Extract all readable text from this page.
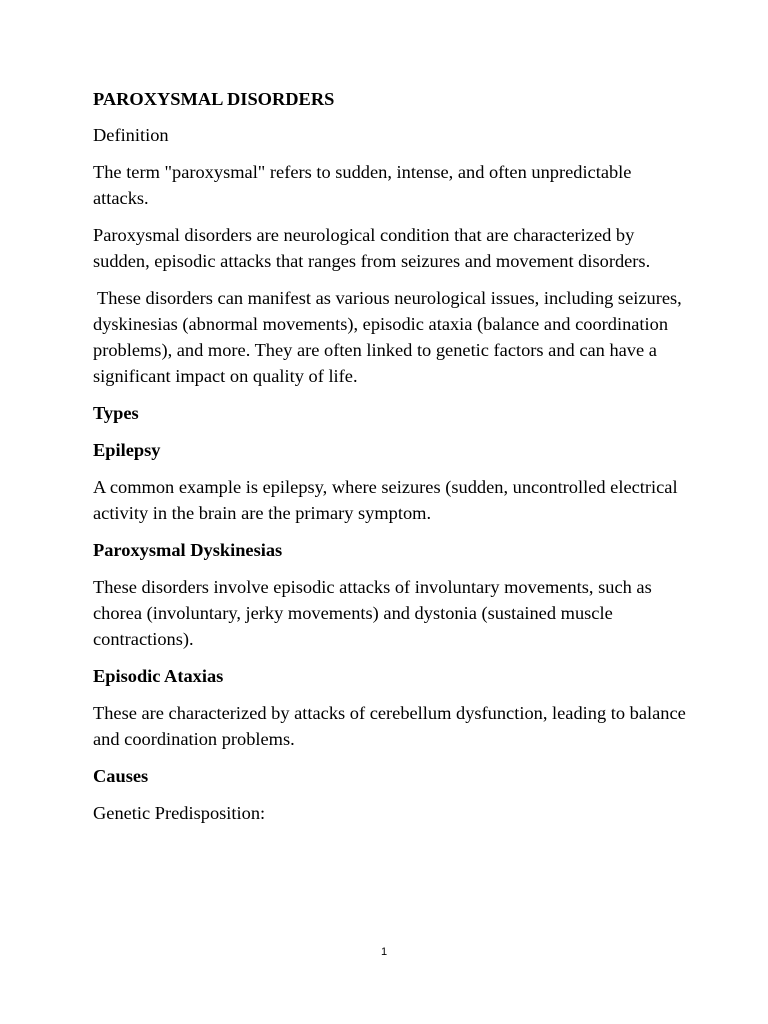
PAROXYSMAL DISORDERS

Definition

The term "paroxysmal" refers to sudden, intense, and often unpredictable attacks.

Paroxysmal disorders are neurological condition that are characterized by sudden, episodic attacks that ranges from seizures and movement disorders.

These disorders can manifest as various neurological issues, including seizures, dyskinesias (abnormal movements), episodic ataxia (balance and coordination problems), and more. They are often linked to genetic factors and can have a significant impact on quality of life.

Types

Epilepsy

A common example is epilepsy, where seizures (sudden, uncontrolled electrical activity in the brain are the primary symptom.

Paroxysmal Dyskinesias

These disorders involve episodic attacks of involuntary movements, such as chorea (involuntary, jerky movements) and dystonia (sustained muscle contractions).

Episodic Ataxias

These are characterized by attacks of cerebellum dysfunction, leading to balance and coordination problems.

Causes

Genetic Predisposition:

1
